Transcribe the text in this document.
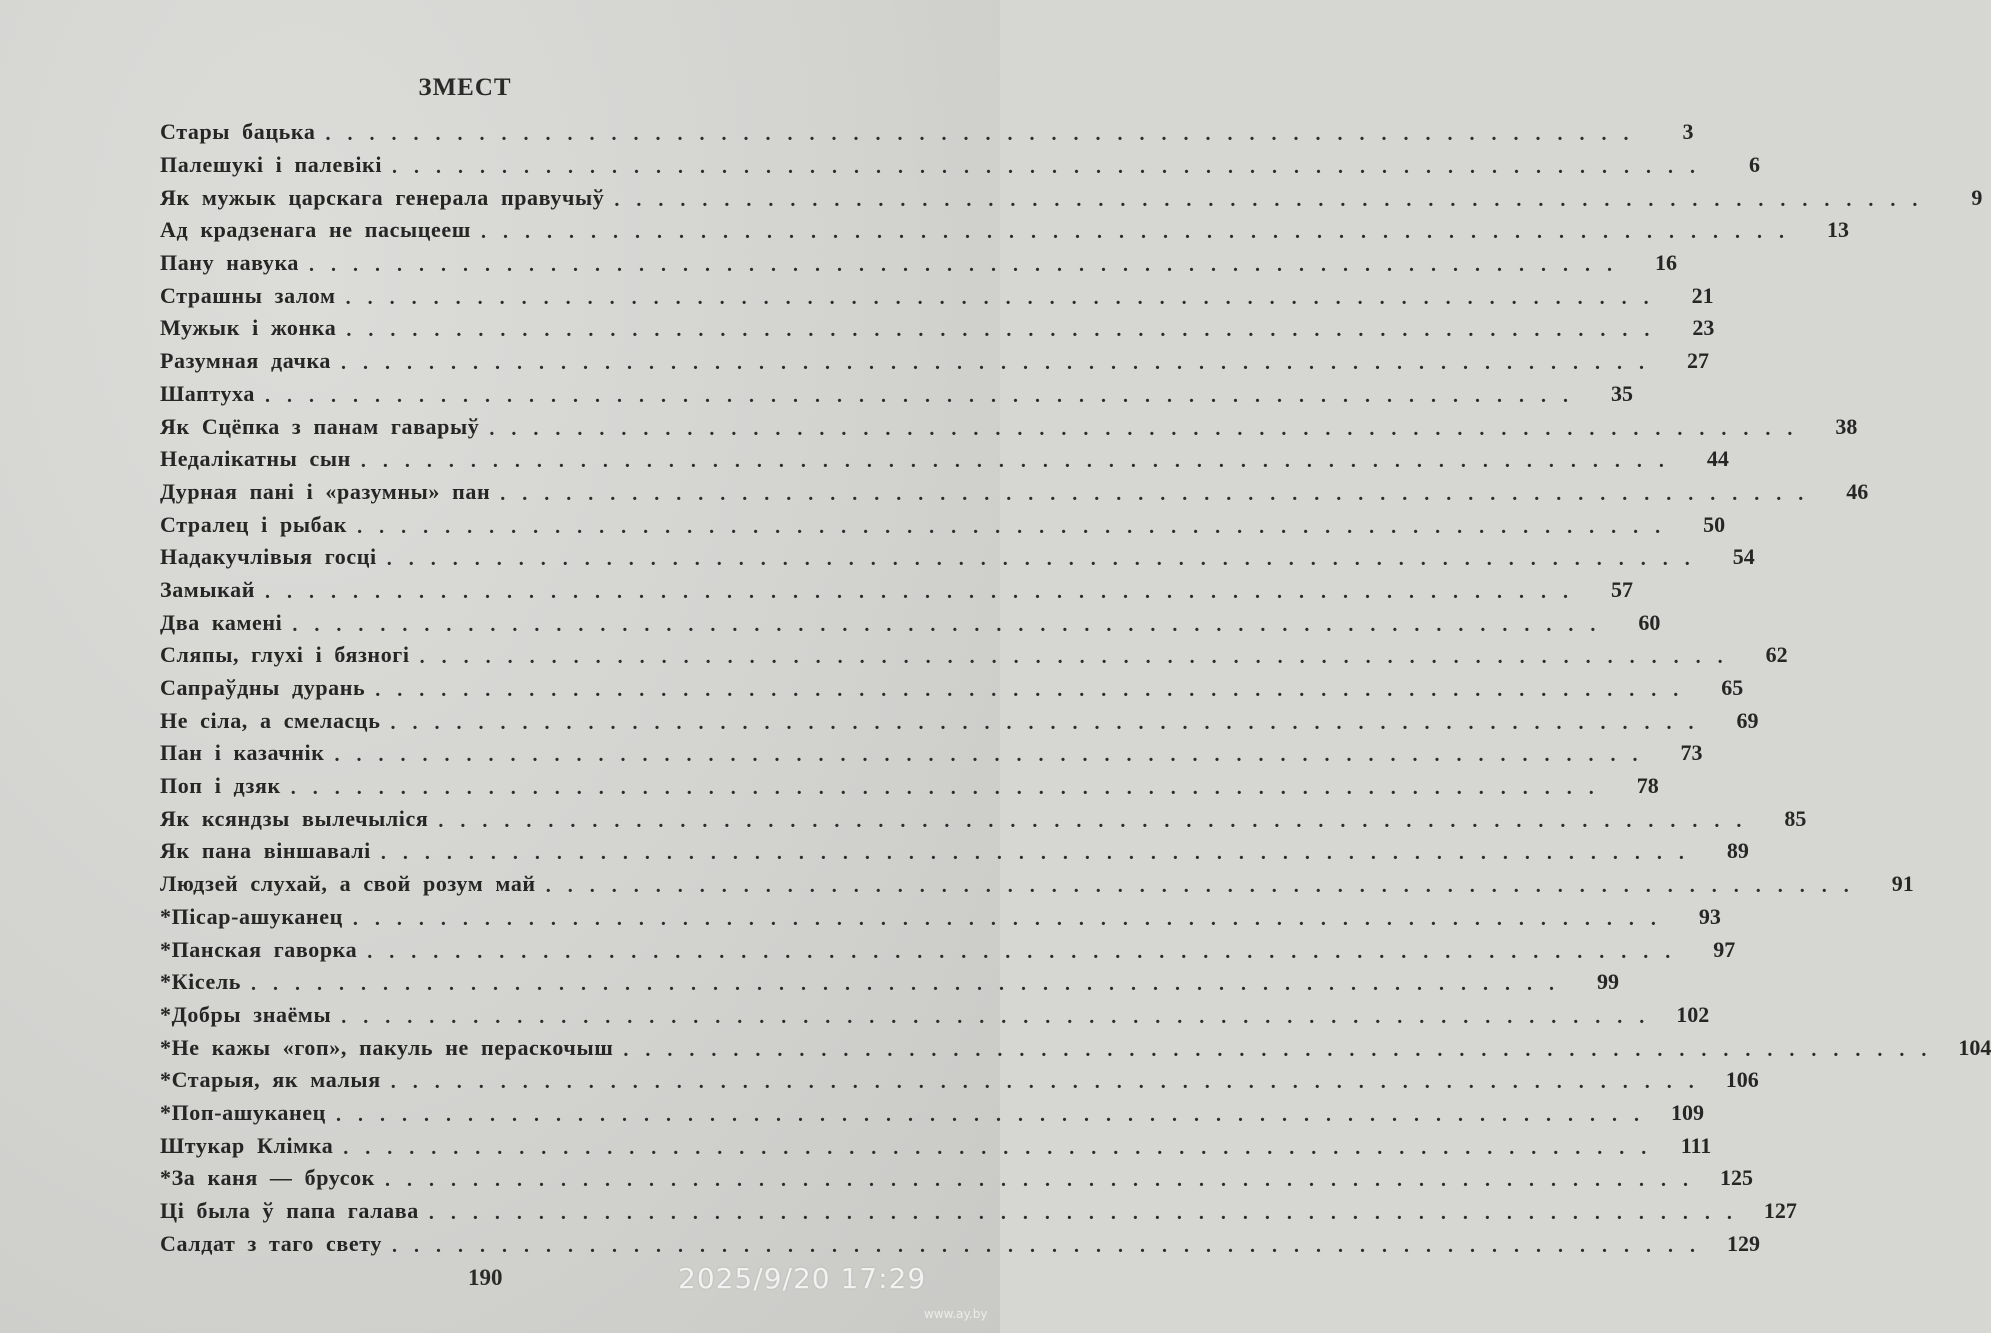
ЗМЕСТ
Стары бацька ............................................................	3
Палешукі і палевікі ............................................................	6
Як мужык царскага генерала правучыў ............................................................	9
Ад крадзенага не пасыцееш ............................................................	13
Пану навука ............................................................	16
Страшны залом ............................................................	21
Мужык і жонка ............................................................	23
Разумная дачка ............................................................	27
Шаптуха ............................................................	35
Як Сцёпка з панам гаварыў ............................................................	38
Недалікатны сын ............................................................	44
Дурная пані і «разумны» пан ............................................................	46
Стралец і рыбак ............................................................	50
Надакучлівыя госці ............................................................	54
Замыкай ............................................................	57
Два камені ............................................................	60
Сляпы, глухі і бязногі ............................................................	62
Сапраўдны дурань ............................................................	65
Не сіла, а смеласць ............................................................	69
Пан і казачнік ............................................................	73
Поп і дзяк ............................................................	78
Як ксяндзы вылечыліся ............................................................	85
Як пана віншавалі ............................................................	89
Людзей слухай, а свой розум май ............................................................	91
*Пісар-ашуканец ............................................................	93
*Панская гаворка ............................................................	97
*Кісель ............................................................	99
*Добры знаёмы ............................................................ 102
*Не кажы «гоп», пакуль не пераскочыш ............................................................ 104
*Старыя, як малыя ............................................................ 106
*Поп-ашуканец ............................................................ 109
Штукар Клімка ............................................................ 111
*За каня — брусок ............................................................ 125
Ці была ў папа галава ............................................................ 127
Салдат з таго свету ............................................................ 129
190	2025/9/20 17:29
www.ay.by
